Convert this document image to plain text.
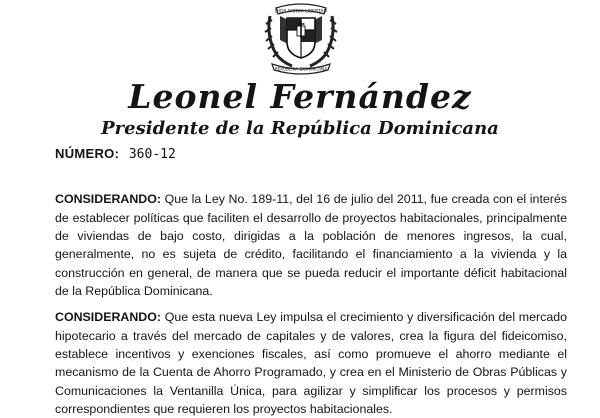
DIOS PATRIA LIBERTAD
REPÚBLICA DOMINICANA
Leonel Fernández
Presidente de la República Dominicana
NÚMERO: 360-12

CONSIDERANDO: Que la Ley No. 189-11, del 16 de julio del 2011, fue creada con el interés de establecer políticas que faciliten el desarrollo de proyectos habitacionales, principalmente de viviendas de bajo costo, dirigidas a la población de menores ingresos, la cual, generalmente, no es sujeta de crédito, facilitando el financiamiento a la vivienda y la construcción en general, de manera que se pueda reducir el importante déficit habitacional de la República Dominicana.

CONSIDERANDO: Que esta nueva Ley impulsa el crecimiento y diversificación del mercado hipotecario a través del mercado de capitales y de valores, crea la figura del fideicomiso, establece incentivos y exenciones fiscales, así como promueve el ahorro mediante el mecanismo de la Cuenta de Ahorro Programado, y crea en el Ministerio de Obras Públicas y Comunicaciones la Ventanilla Única, para agilizar y simplificar los procesos y permisos correspondientes que requieren los proyectos habitacionales.
